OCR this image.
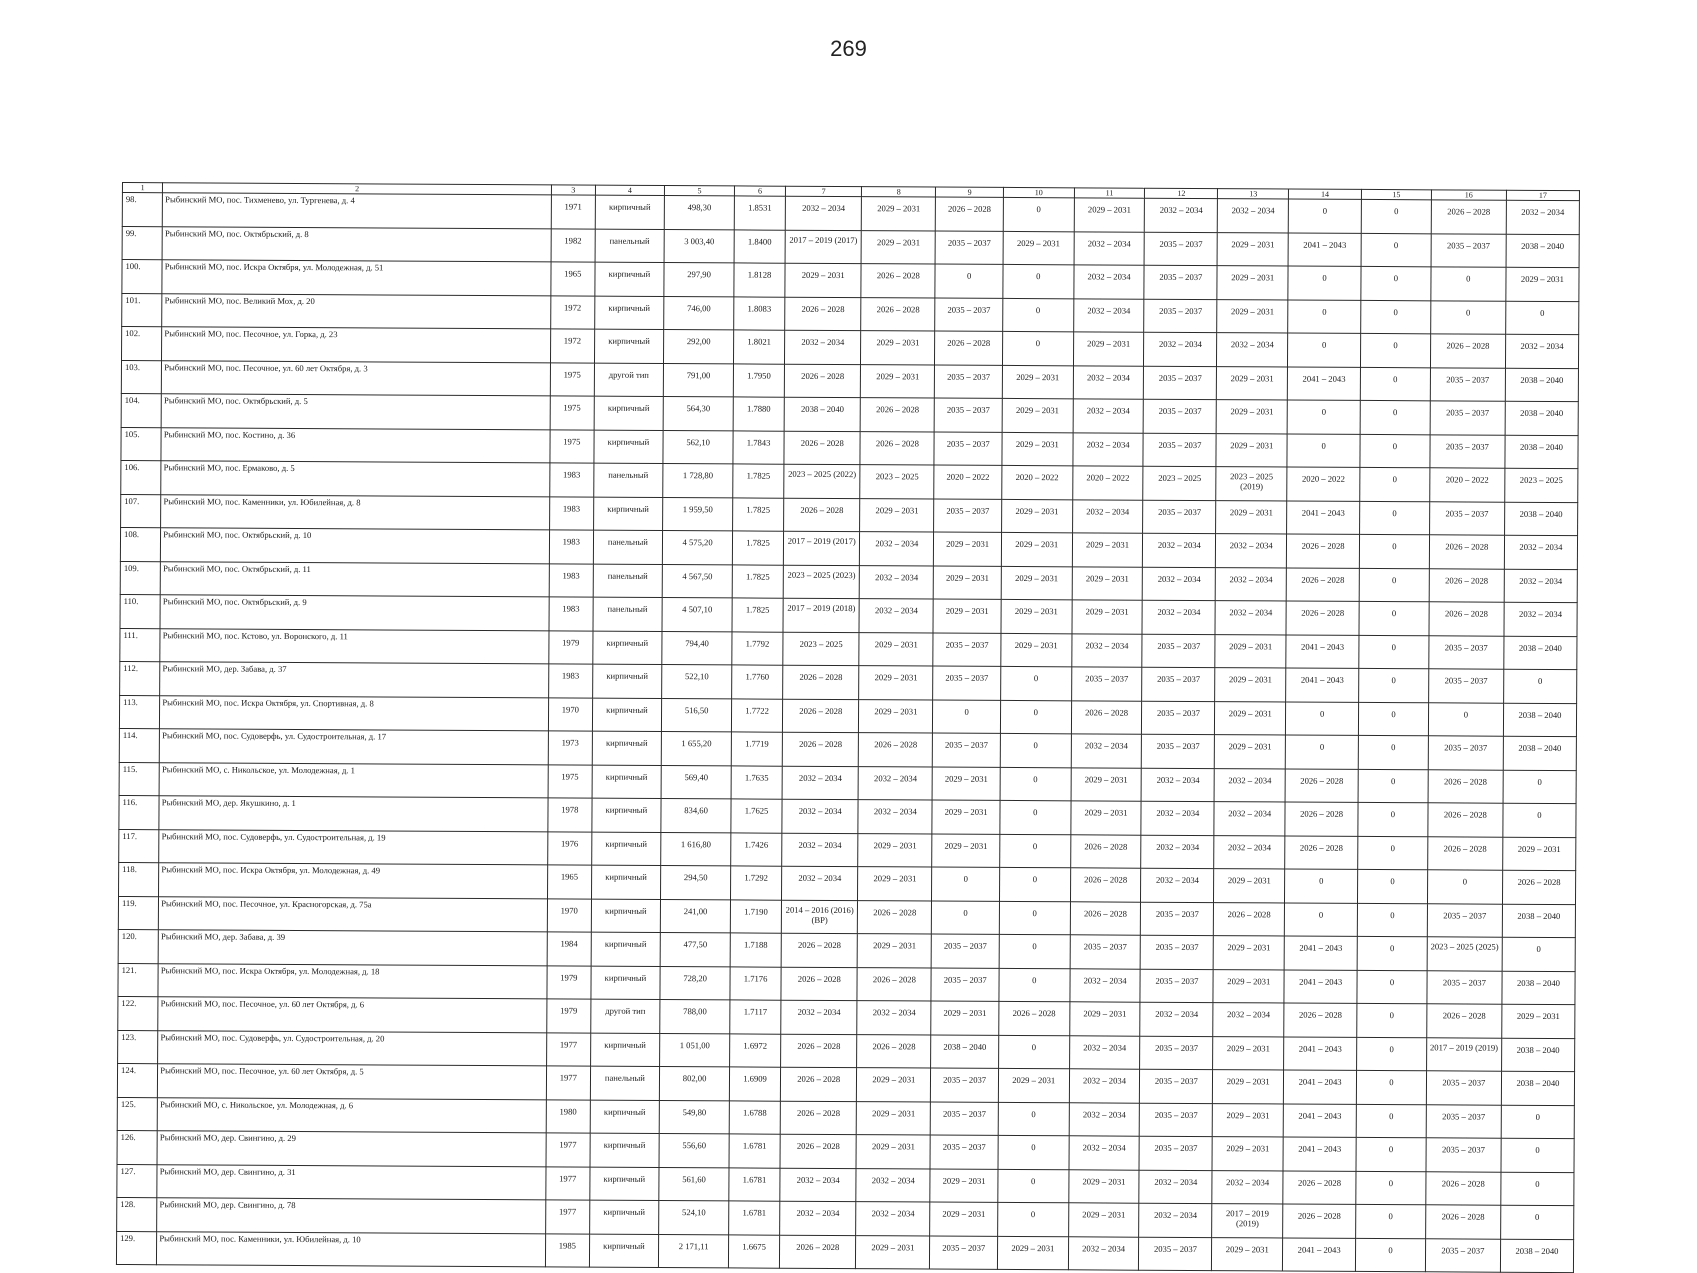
269
1	2	3	4	5	6	7	8	9	10	11	12	13	14	15	16	17
98.	Рыбинский МО, пос. Тихменево, ул. Тургенева, д. 4	1971	кирпичный	498,30	1.8531	2032 – 2034	2029 – 2031	2026 – 2028	0	2029 – 2031	2032 – 2034	2032 – 2034	0	0	2026 – 2028	2032 – 2034
99.	Рыбинский МО, пос. Октябрьский, д. 8	1982	панельный	3 003,40	1.8400	2017 – 2019 (2017)	2029 – 2031	2035 – 2037	2029 – 2031	2032 – 2034	2035 – 2037	2029 – 2031	2041 – 2043	0	2035 – 2037	2038 – 2040
100.	Рыбинский МО, пос. Искра Октября, ул. Молодежная, д. 51	1965	кирпичный	297,90	1.8128	2029 – 2031	2026 – 2028	0	0	2032 – 2034	2035 – 2037	2029 – 2031	0	0	0	2029 – 2031
101.	Рыбинский МО, пос. Великий Мох, д. 20	1972	кирпичный	746,00	1.8083	2026 – 2028	2026 – 2028	2035 – 2037	0	2032 – 2034	2035 – 2037	2029 – 2031	0	0	0	0
102.	Рыбинский МО, пос. Песочное, ул. Горка, д. 23	1972	кирпичный	292,00	1.8021	2032 – 2034	2029 – 2031	2026 – 2028	0	2029 – 2031	2032 – 2034	2032 – 2034	0	0	2026 – 2028	2032 – 2034
103.	Рыбинский МО, пос. Песочное, ул. 60 лет Октября, д. 3	1975	другой тип	791,00	1.7950	2026 – 2028	2029 – 2031	2035 – 2037	2029 – 2031	2032 – 2034	2035 – 2037	2029 – 2031	2041 – 2043	0	2035 – 2037	2038 – 2040
104.	Рыбинский МО, пос. Октябрьский, д. 5	1975	кирпичный	564,30	1.7880	2038 – 2040	2026 – 2028	2035 – 2037	2029 – 2031	2032 – 2034	2035 – 2037	2029 – 2031	0	0	2035 – 2037	2038 – 2040
105.	Рыбинский МО, пос. Костино, д. 36	1975	кирпичный	562,10	1.7843	2026 – 2028	2026 – 2028	2035 – 2037	2029 – 2031	2032 – 2034	2035 – 2037	2029 – 2031	0	0	2035 – 2037	2038 – 2040
106.	Рыбинский МО, пос. Ермаково, д. 5	1983	панельный	1 728,80	1.7825	2023 – 2025 (2022)	2023 – 2025	2020 – 2022	2020 – 2022	2020 – 2022	2023 – 2025	2023 – 2025 (2019)	2020 – 2022	0	2020 – 2022	2023 – 2025
107.	Рыбинский МО, пос. Каменники, ул. Юбилейная, д. 8	1983	кирпичный	1 959,50	1.7825	2026 – 2028	2029 – 2031	2035 – 2037	2029 – 2031	2032 – 2034	2035 – 2037	2029 – 2031	2041 – 2043	0	2035 – 2037	2038 – 2040
108.	Рыбинский МО, пос. Октябрьский, д. 10	1983	панельный	4 575,20	1.7825	2017 – 2019 (2017)	2032 – 2034	2029 – 2031	2029 – 2031	2029 – 2031	2032 – 2034	2032 – 2034	2026 – 2028	0	2026 – 2028	2032 – 2034
109.	Рыбинский МО, пос. Октябрьский, д. 11	1983	панельный	4 567,50	1.7825	2023 – 2025 (2023)	2032 – 2034	2029 – 2031	2029 – 2031	2029 – 2031	2032 – 2034	2032 – 2034	2026 – 2028	0	2026 – 2028	2032 – 2034
110.	Рыбинский МО, пос. Октябрьский, д. 9	1983	панельный	4 507,10	1.7825	2017 – 2019 (2018)	2032 – 2034	2029 – 2031	2029 – 2031	2029 – 2031	2032 – 2034	2032 – 2034	2026 – 2028	0	2026 – 2028	2032 – 2034
111.	Рыбинский МО, пос. Кстово, ул. Воронского, д. 11	1979	кирпичный	794,40	1.7792	2023 – 2025	2029 – 2031	2035 – 2037	2029 – 2031	2032 – 2034	2035 – 2037	2029 – 2031	2041 – 2043	0	2035 – 2037	2038 – 2040
112.	Рыбинский МО, дер. Забава, д. 37	1983	кирпичный	522,10	1.7760	2026 – 2028	2029 – 2031	2035 – 2037	0	2035 – 2037	2035 – 2037	2029 – 2031	2041 – 2043	0	2035 – 2037	0
113.	Рыбинский МО, пос. Искра Октября, ул. Спортивная, д. 8	1970	кирпичный	516,50	1.7722	2026 – 2028	2029 – 2031	0	0	2026 – 2028	2035 – 2037	2029 – 2031	0	0	0	2038 – 2040
114.	Рыбинский МО, пос. Судоверфь, ул. Судостроительная, д. 17	1973	кирпичный	1 655,20	1.7719	2026 – 2028	2026 – 2028	2035 – 2037	0	2032 – 2034	2035 – 2037	2029 – 2031	0	0	2035 – 2037	2038 – 2040
115.	Рыбинский МО, с. Никольское, ул. Молодежная, д. 1	1975	кирпичный	569,40	1.7635	2032 – 2034	2032 – 2034	2029 – 2031	0	2029 – 2031	2032 – 2034	2032 – 2034	2026 – 2028	0	2026 – 2028	0
116.	Рыбинский МО, дер. Якушкино, д. 1	1978	кирпичный	834,60	1.7625	2032 – 2034	2032 – 2034	2029 – 2031	0	2029 – 2031	2032 – 2034	2032 – 2034	2026 – 2028	0	2026 – 2028	0
117.	Рыбинский МО, пос. Судоверфь, ул. Судостроительная, д. 19	1976	кирпичный	1 616,80	1.7426	2032 – 2034	2029 – 2031	2029 – 2031	0	2026 – 2028	2032 – 2034	2032 – 2034	2026 – 2028	0	2026 – 2028	2029 – 2031
118.	Рыбинский МО, пос. Искра Октября, ул. Молодежная, д. 49	1965	кирпичный	294,50	1.7292	2032 – 2034	2029 – 2031	0	0	2026 – 2028	2032 – 2034	2029 – 2031	0	0	0	2026 – 2028
119.	Рыбинский МО, пос. Песочное, ул. Красногорская, д. 75а	1970	кирпичный	241,00	1.7190	2014 – 2016 (2016) (ВР)	2026 – 2028	0	0	2026 – 2028	2035 – 2037	2026 – 2028	0	0	2035 – 2037	2038 – 2040
120.	Рыбинский МО, дер. Забава, д. 39	1984	кирпичный	477,50	1.7188	2026 – 2028	2029 – 2031	2035 – 2037	0	2035 – 2037	2035 – 2037	2029 – 2031	2041 – 2043	0	2023 – 2025 (2025)	0
121.	Рыбинский МО, пос. Искра Октября, ул. Молодежная, д. 18	1979	кирпичный	728,20	1.7176	2026 – 2028	2026 – 2028	2035 – 2037	0	2032 – 2034	2035 – 2037	2029 – 2031	2041 – 2043	0	2035 – 2037	2038 – 2040
122.	Рыбинский МО, пос. Песочное, ул. 60 лет Октября, д. 6	1979	другой тип	788,00	1.7117	2032 – 2034	2032 – 2034	2029 – 2031	2026 – 2028	2029 – 2031	2032 – 2034	2032 – 2034	2026 – 2028	0	2026 – 2028	2029 – 2031
123.	Рыбинский МО, пос. Судоверфь, ул. Судостроительная, д. 20	1977	кирпичный	1 051,00	1.6972	2026 – 2028	2026 – 2028	2038 – 2040	0	2032 – 2034	2035 – 2037	2029 – 2031	2041 – 2043	0	2017 – 2019 (2019)	2038 – 2040
124.	Рыбинский МО, пос. Песочное, ул. 60 лет Октября, д. 5	1977	панельный	802,00	1.6909	2026 – 2028	2029 – 2031	2035 – 2037	2029 – 2031	2032 – 2034	2035 – 2037	2029 – 2031	2041 – 2043	0	2035 – 2037	2038 – 2040
125.	Рыбинский МО, с. Никольское, ул. Молодежная, д. 6	1980	кирпичный	549,80	1.6788	2026 – 2028	2029 – 2031	2035 – 2037	0	2032 – 2034	2035 – 2037	2029 – 2031	2041 – 2043	0	2035 – 2037	0
126.	Рыбинский МО, дер. Свингино, д. 29	1977	кирпичный	556,60	1.6781	2026 – 2028	2029 – 2031	2035 – 2037	0	2032 – 2034	2035 – 2037	2029 – 2031	2041 – 2043	0	2035 – 2037	0
127.	Рыбинский МО, дер. Свингино, д. 31	1977	кирпичный	561,60	1.6781	2032 – 2034	2032 – 2034	2029 – 2031	0	2029 – 2031	2032 – 2034	2032 – 2034	2026 – 2028	0	2026 – 2028	0
128.	Рыбинский МО, дер. Свингино, д. 78	1977	кирпичный	524,10	1.6781	2032 – 2034	2032 – 2034	2029 – 2031	0	2029 – 2031	2032 – 2034	2017 – 2019 (2019)	2026 – 2028	0	2026 – 2028	0
129.	Рыбинский МО, пос. Каменники, ул. Юбилейная, д. 10	1985	кирпичный	2 171,11	1.6675	2026 – 2028	2029 – 2031	2035 – 2037	2029 – 2031	2032 – 2034	2035 – 2037	2029 – 2031	2041 – 2043	0	2035 – 2037	2038 – 2040
